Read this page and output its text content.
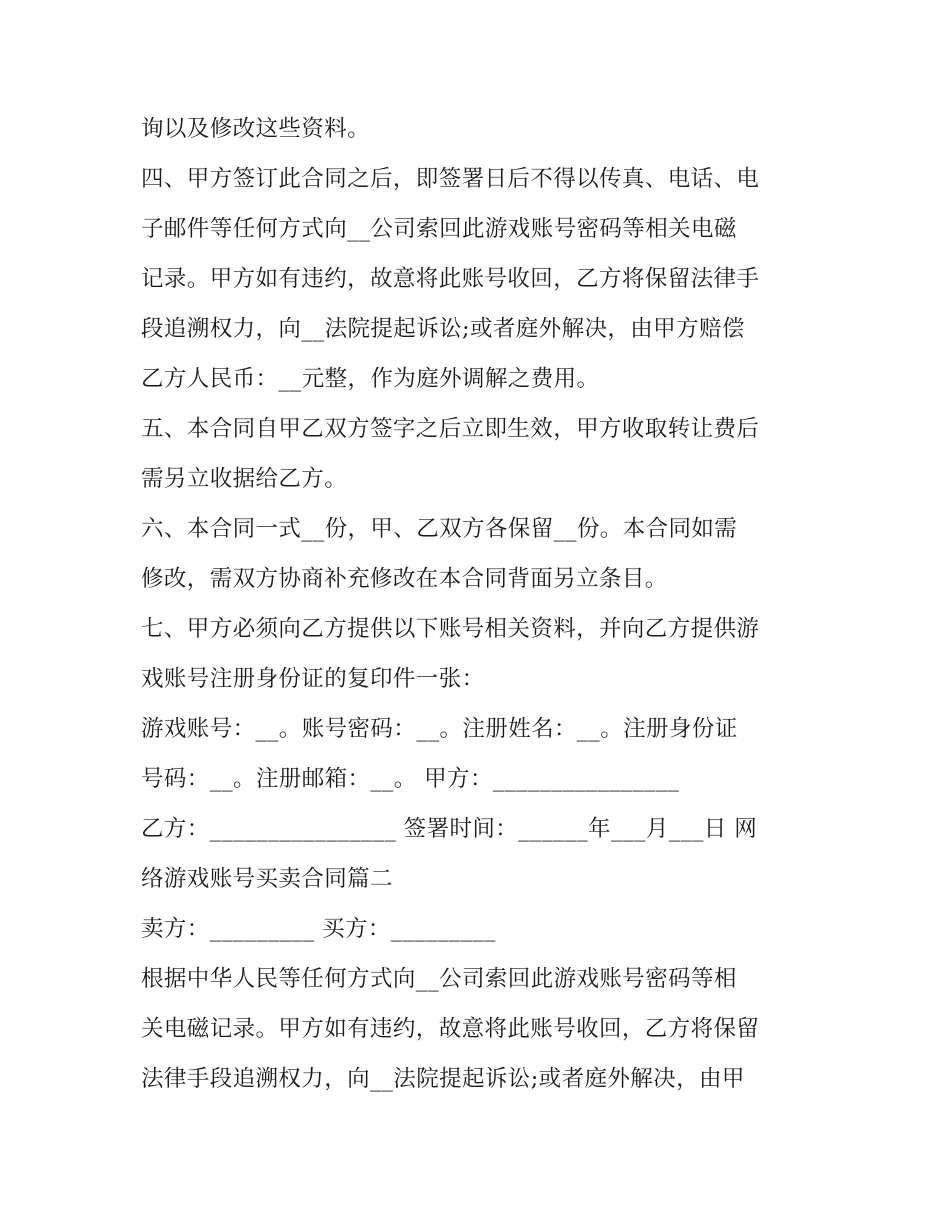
询以及修改这些资料。
四、甲方签订此合同之后，即签署日后不得以传真、电话、电
子邮件等任何方式向__公司索回此游戏账号密码等相关电磁
记录。甲方如有违约，故意将此账号收回，乙方将保留法律手
段追溯权力，向__法院提起诉讼;或者庭外解决，由甲方赔偿
乙方人民币：__元整，作为庭外调解之费用。
五、本合同自甲乙双方签字之后立即生效，甲方收取转让费后
需另立收据给乙方。
六、本合同一式__份，甲、乙双方各保留__份。本合同如需
修改，需双方协商补充修改在本合同背面另立条目。
七、甲方必须向乙方提供以下账号相关资料，并向乙方提供游
戏账号注册身份证的复印件一张：
游戏账号：__。账号密码：__。注册姓名：__。注册身份证
号码：__。注册邮箱：__。 甲方：________________
乙方：________________ 签署时间：______年___月___日 网
络游戏账号买卖合同篇二
卖方：_________ 买方：_________
根据中华人民等任何方式向__公司索回此游戏账号密码等相
关电磁记录。甲方如有违约，故意将此账号收回，乙方将保留
法律手段追溯权力，向__法院提起诉讼;或者庭外解决，由甲
